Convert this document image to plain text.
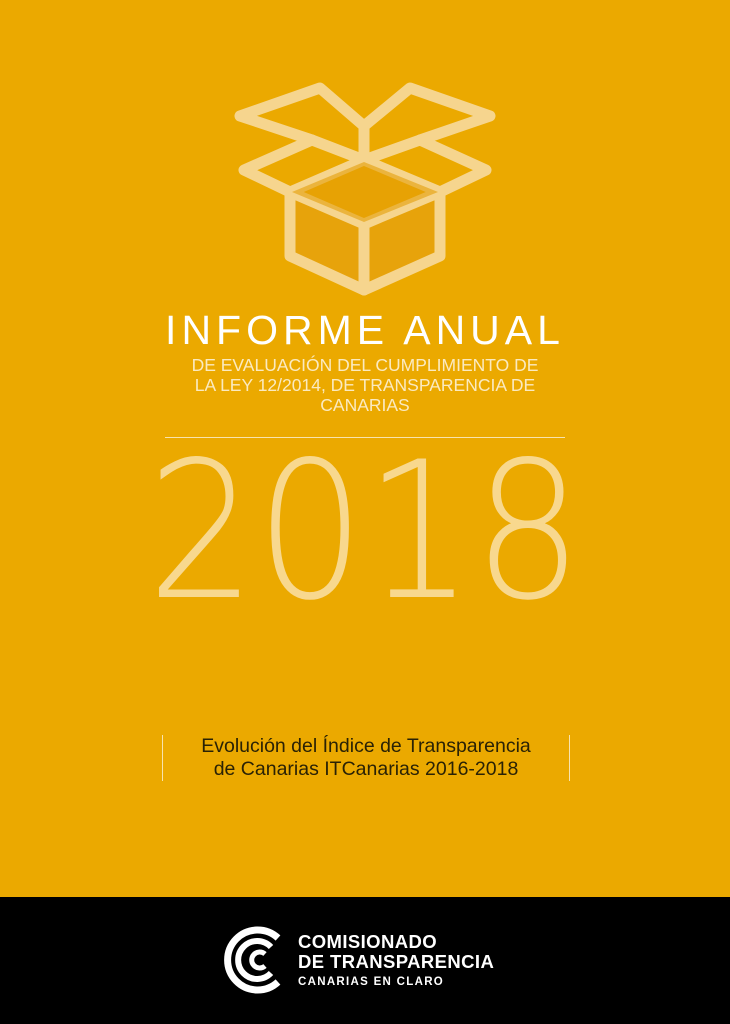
INFORME ANUAL
DE EVALUACIÓN DEL CUMPLIMIENTO DE
LA LEY 12/2014, DE TRANSPARENCIA DE
CANARIAS
2018
Evolución del Índice de Transparencia
de Canarias ITCanarias 2016-2018
COMISIONADO
DE TRANSPARENCIA
CANARIAS EN CLARO
